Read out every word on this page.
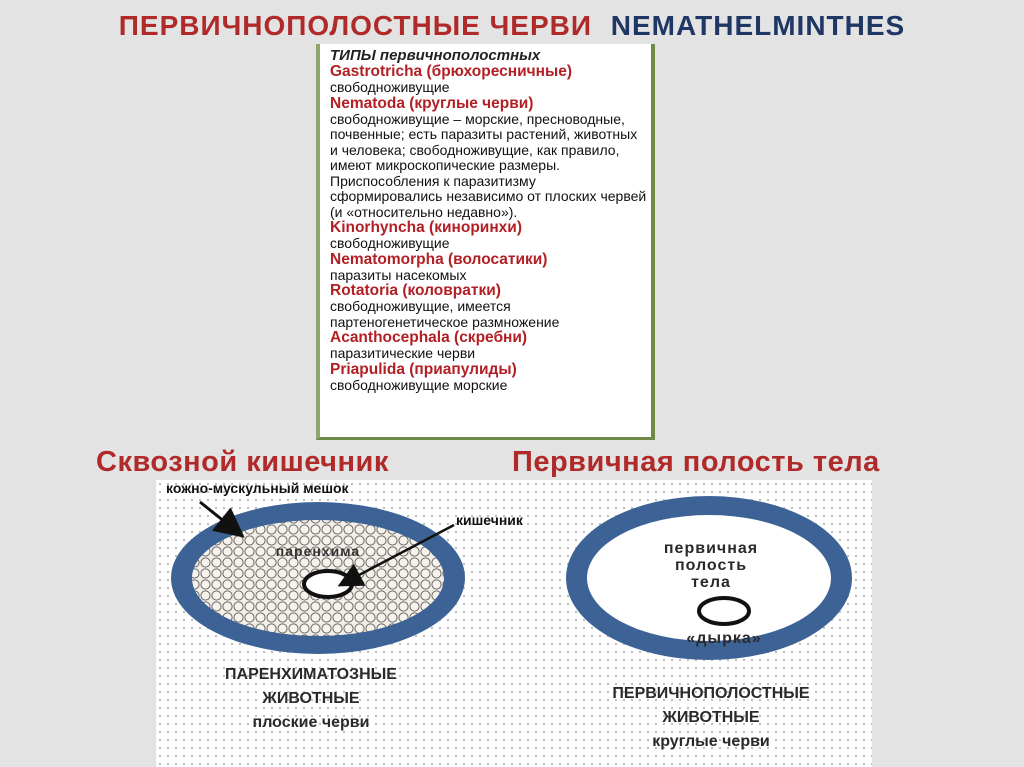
ПЕРВИЧНОПОЛОСТНЫЕ ЧЕРВИ NEMATHELMINTHES
ТИПЫ первичнополостных
Gastrotricha (брюхоресничные)
свободноживущие
Nematoda (круглые черви)
свободноживущие – морские, пресноводные, почвенные; есть паразиты растений, животных и человека; свободноживущие, как правило, имеют микроскопические размеры. Приспособления к паразитизму сформировались независимо от плоских червей (и «относительно недавно»).
Kinorhyncha (киноринхи)
свободноживущие
Nematomorpha (волосатики)
паразиты насекомых
Rotatoria (коловратки)
свободноживущие, имеется партеногенетическое размножение
Acanthocephala (скребни)
паразитические черви
Priapulida (приапулиды)
свободноживущие морские
Сквозной кишечник	Первичная полость тела
кожно-мускульный мешок
кишечник
паренхима
ПАРЕНХИМАТОЗНЫЕ
ЖИВОТНЫЕ
плоские черви
первичная
полость
тела
«дырка»
ПЕРВИЧНОПОЛОСТНЫЕ
ЖИВОТНЫЕ
круглые черви
